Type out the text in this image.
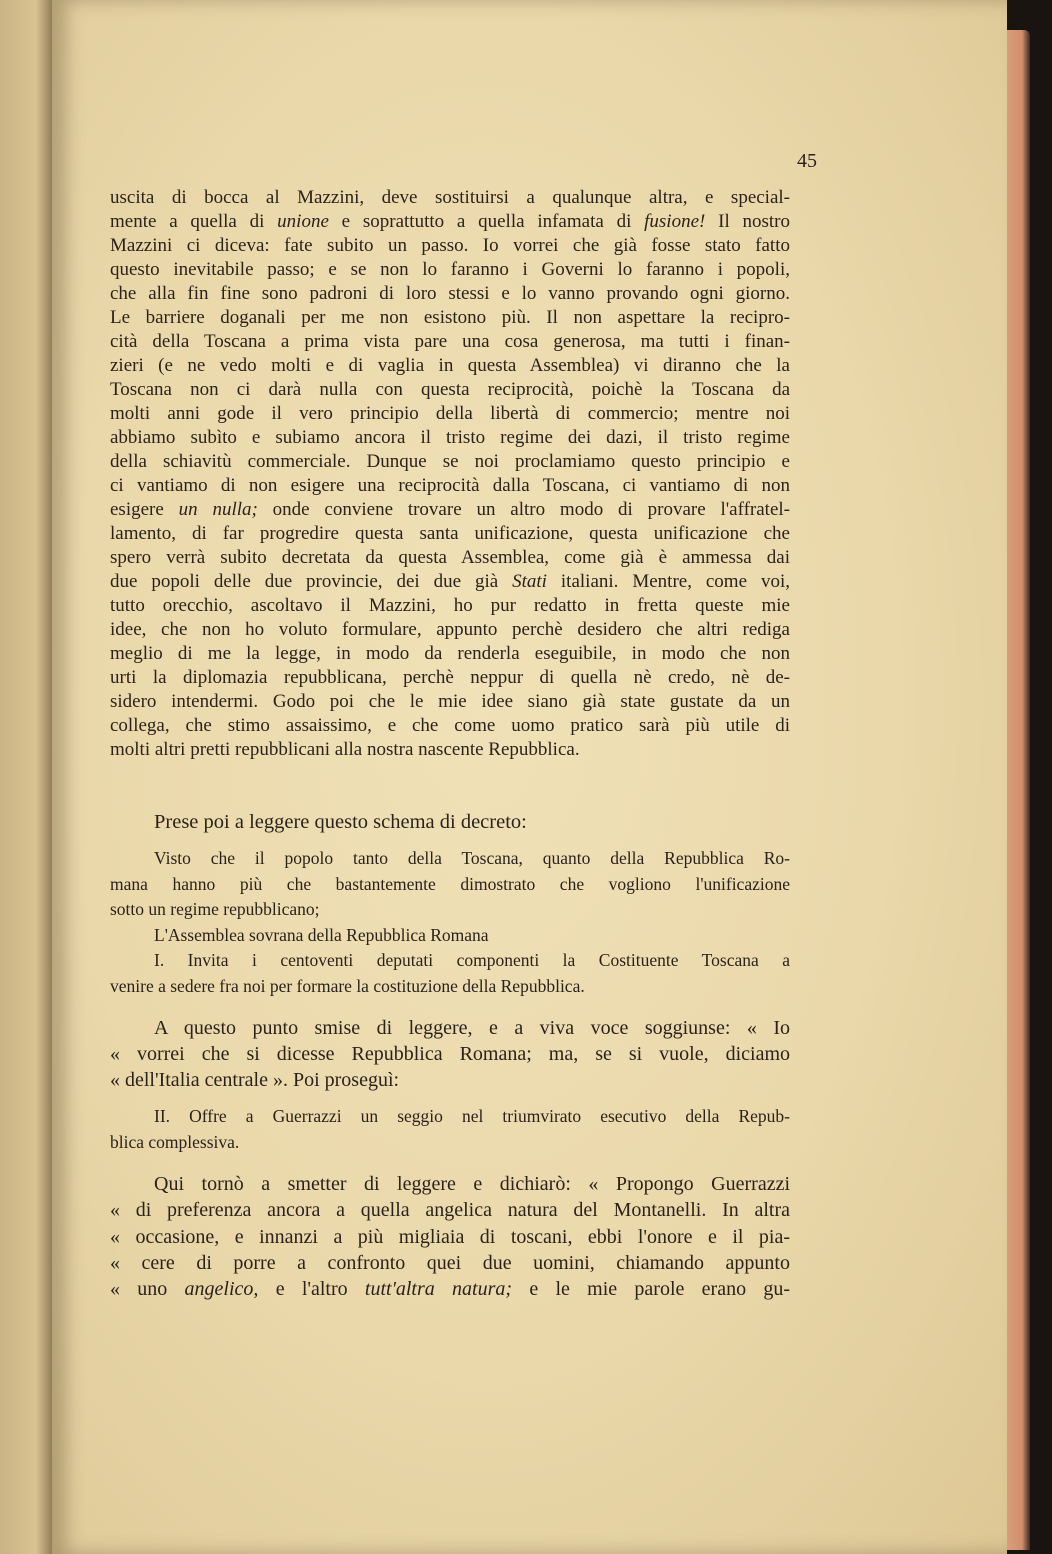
45
uscita di bocca al Mazzini, deve sostituirsi a qualunque altra, e special-
mente a quella di unione e soprattutto a quella infamata di fusione! Il nostro
Mazzini ci diceva: fate subito un passo. Io vorrei che già fosse stato fatto
questo inevitabile passo; e se non lo faranno i Governi lo faranno i popoli,
che alla fin fine sono padroni di loro stessi e lo vanno provando ogni giorno.
Le barriere doganali per me non esistono più. Il non aspettare la recipro-
cità della Toscana a prima vista pare una cosa generosa, ma tutti i finan-
zieri (e ne vedo molti e di vaglia in questa Assemblea) vi diranno che la
Toscana non ci darà nulla con questa reciprocità, poichè la Toscana da
molti anni gode il vero principio della libertà di commercio; mentre noi
abbiamo subìto e subiamo ancora il tristo regime dei dazi, il tristo regime
della schiavitù commerciale. Dunque se noi proclamiamo questo principio e
ci vantiamo di non esigere una reciprocità dalla Toscana, ci vantiamo di non
esigere un nulla; onde conviene trovare un altro modo di provare l'affratel-
lamento, di far progredire questa santa unificazione, questa unificazione che
spero verrà subito decretata da questa Assemblea, come già è ammessa dai
due popoli delle due provincie, dei due già Stati italiani. Mentre, come voi,
tutto orecchio, ascoltavo il Mazzini, ho pur redatto in fretta queste mie
idee, che non ho voluto formulare, appunto perchè desidero che altri rediga
meglio di me la legge, in modo da renderla eseguibile, in modo che non
urti la diplomazia repubblicana, perchè neppur di quella nè credo, nè de-
sidero intendermi. Godo poi che le mie idee siano già state gustate da un
collega, che stimo assaissimo, e che come uomo pratico sarà più utile di
molti altri pretti repubblicani alla nostra nascente Repubblica.
Prese poi a leggere questo schema di decreto:
Visto che il popolo tanto della Toscana, quanto della Repubblica Ro-
mana hanno più che bastantemente dimostrato che vogliono l'unificazione
sotto un regime repubblicano;
L'Assemblea sovrana della Repubblica Romana
I. Invita i centoventi deputati componenti la Costituente Toscana a
venire a sedere fra noi per formare la costituzione della Repubblica.
A questo punto smise di leggere, e a viva voce soggiunse: « Io
« vorrei che si dicesse Repubblica Romana; ma, se si vuole, diciamo
« dell'Italia centrale ». Poi proseguì:
II. Offre a Guerrazzi un seggio nel triumvirato esecutivo della Repub-
blica complessiva.
Qui tornò a smetter di leggere e dichiarò: « Propongo Guerrazzi
« di preferenza ancora a quella angelica natura del Montanelli. In altra
« occasione, e innanzi a più migliaia di toscani, ebbi l'onore e il pia-
« cere di porre a confronto quei due uomini, chiamando appunto
« uno angelico, e l'altro tutt'altra natura; e le mie parole erano gu-
